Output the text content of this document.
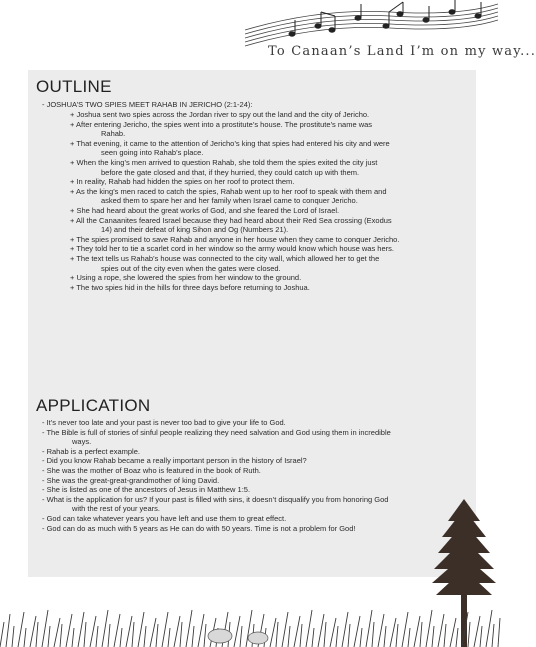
To Canaan’s Land I’m on my way...
OUTLINE
- JOSHUA’S TWO SPIES MEET RAHAB IN JERICHO (2:1-24):
+ Joshua sent two spies across the Jordan river to spy out the land and the city of Jericho.
+ After entering Jericho, the spies went into a prostitute’s house. The prostitute’s name was
Rahab.
+ That evening, it came to the attention of Jericho’s king that spies had entered his city and were
seen going into Rahab’s place.
+ When the king’s men arrived to question Rahab, she told them the spies exited the city just
before the gate closed and that, if they hurried, they could catch up with them.
+ In reality, Rahab had hidden the spies on her roof to protect them.
+ As the king’s men raced to catch the spies, Rahab went up to her roof to speak with them and
asked them to spare her and her family when Israel came to conquer Jericho.
+ She had heard about the great works of God, and she feared the Lord of Israel.
+ All the Canaanites feared Israel because they had heard about their Red Sea crossing (Exodus
14) and their defeat of king Sihon and Og (Numbers 21).
+ The spies promised to save Rahab and anyone in her house when they came to conquer Jericho.
+ They told her to tie a scarlet cord in her window so the army would know which house was hers.
+ The text tells us Rahab’s house was connected to the city wall, which allowed her to get the
spies out of the city even when the gates were closed.
+ Using a rope, she lowered the spies from her window to the ground.
+ The two spies hid in the hills for three days before returning to Joshua.
APPLICATION
- It’s never too late and your past is never too bad to give your life to God.
- The Bible is full of stories of sinful people realizing they need salvation and God using them in incredible
ways.
- Rahab is a perfect example.
- Did you know Rahab became a really important person in the history of Israel?
- She was the mother of Boaz who is featured in the book of Ruth.
- She was the great-great-grandmother of king David.
- She is listed as one of the ancestors of Jesus in Matthew 1:5.
- What is the application for us? If your past is filled with sins, it doesn’t disqualify you from honoring God
with the rest of your years.
- God can take whatever years you have left and use them to great effect.
- God can do as much with 5 years as He can do with 50 years. Time is not a problem for God!
